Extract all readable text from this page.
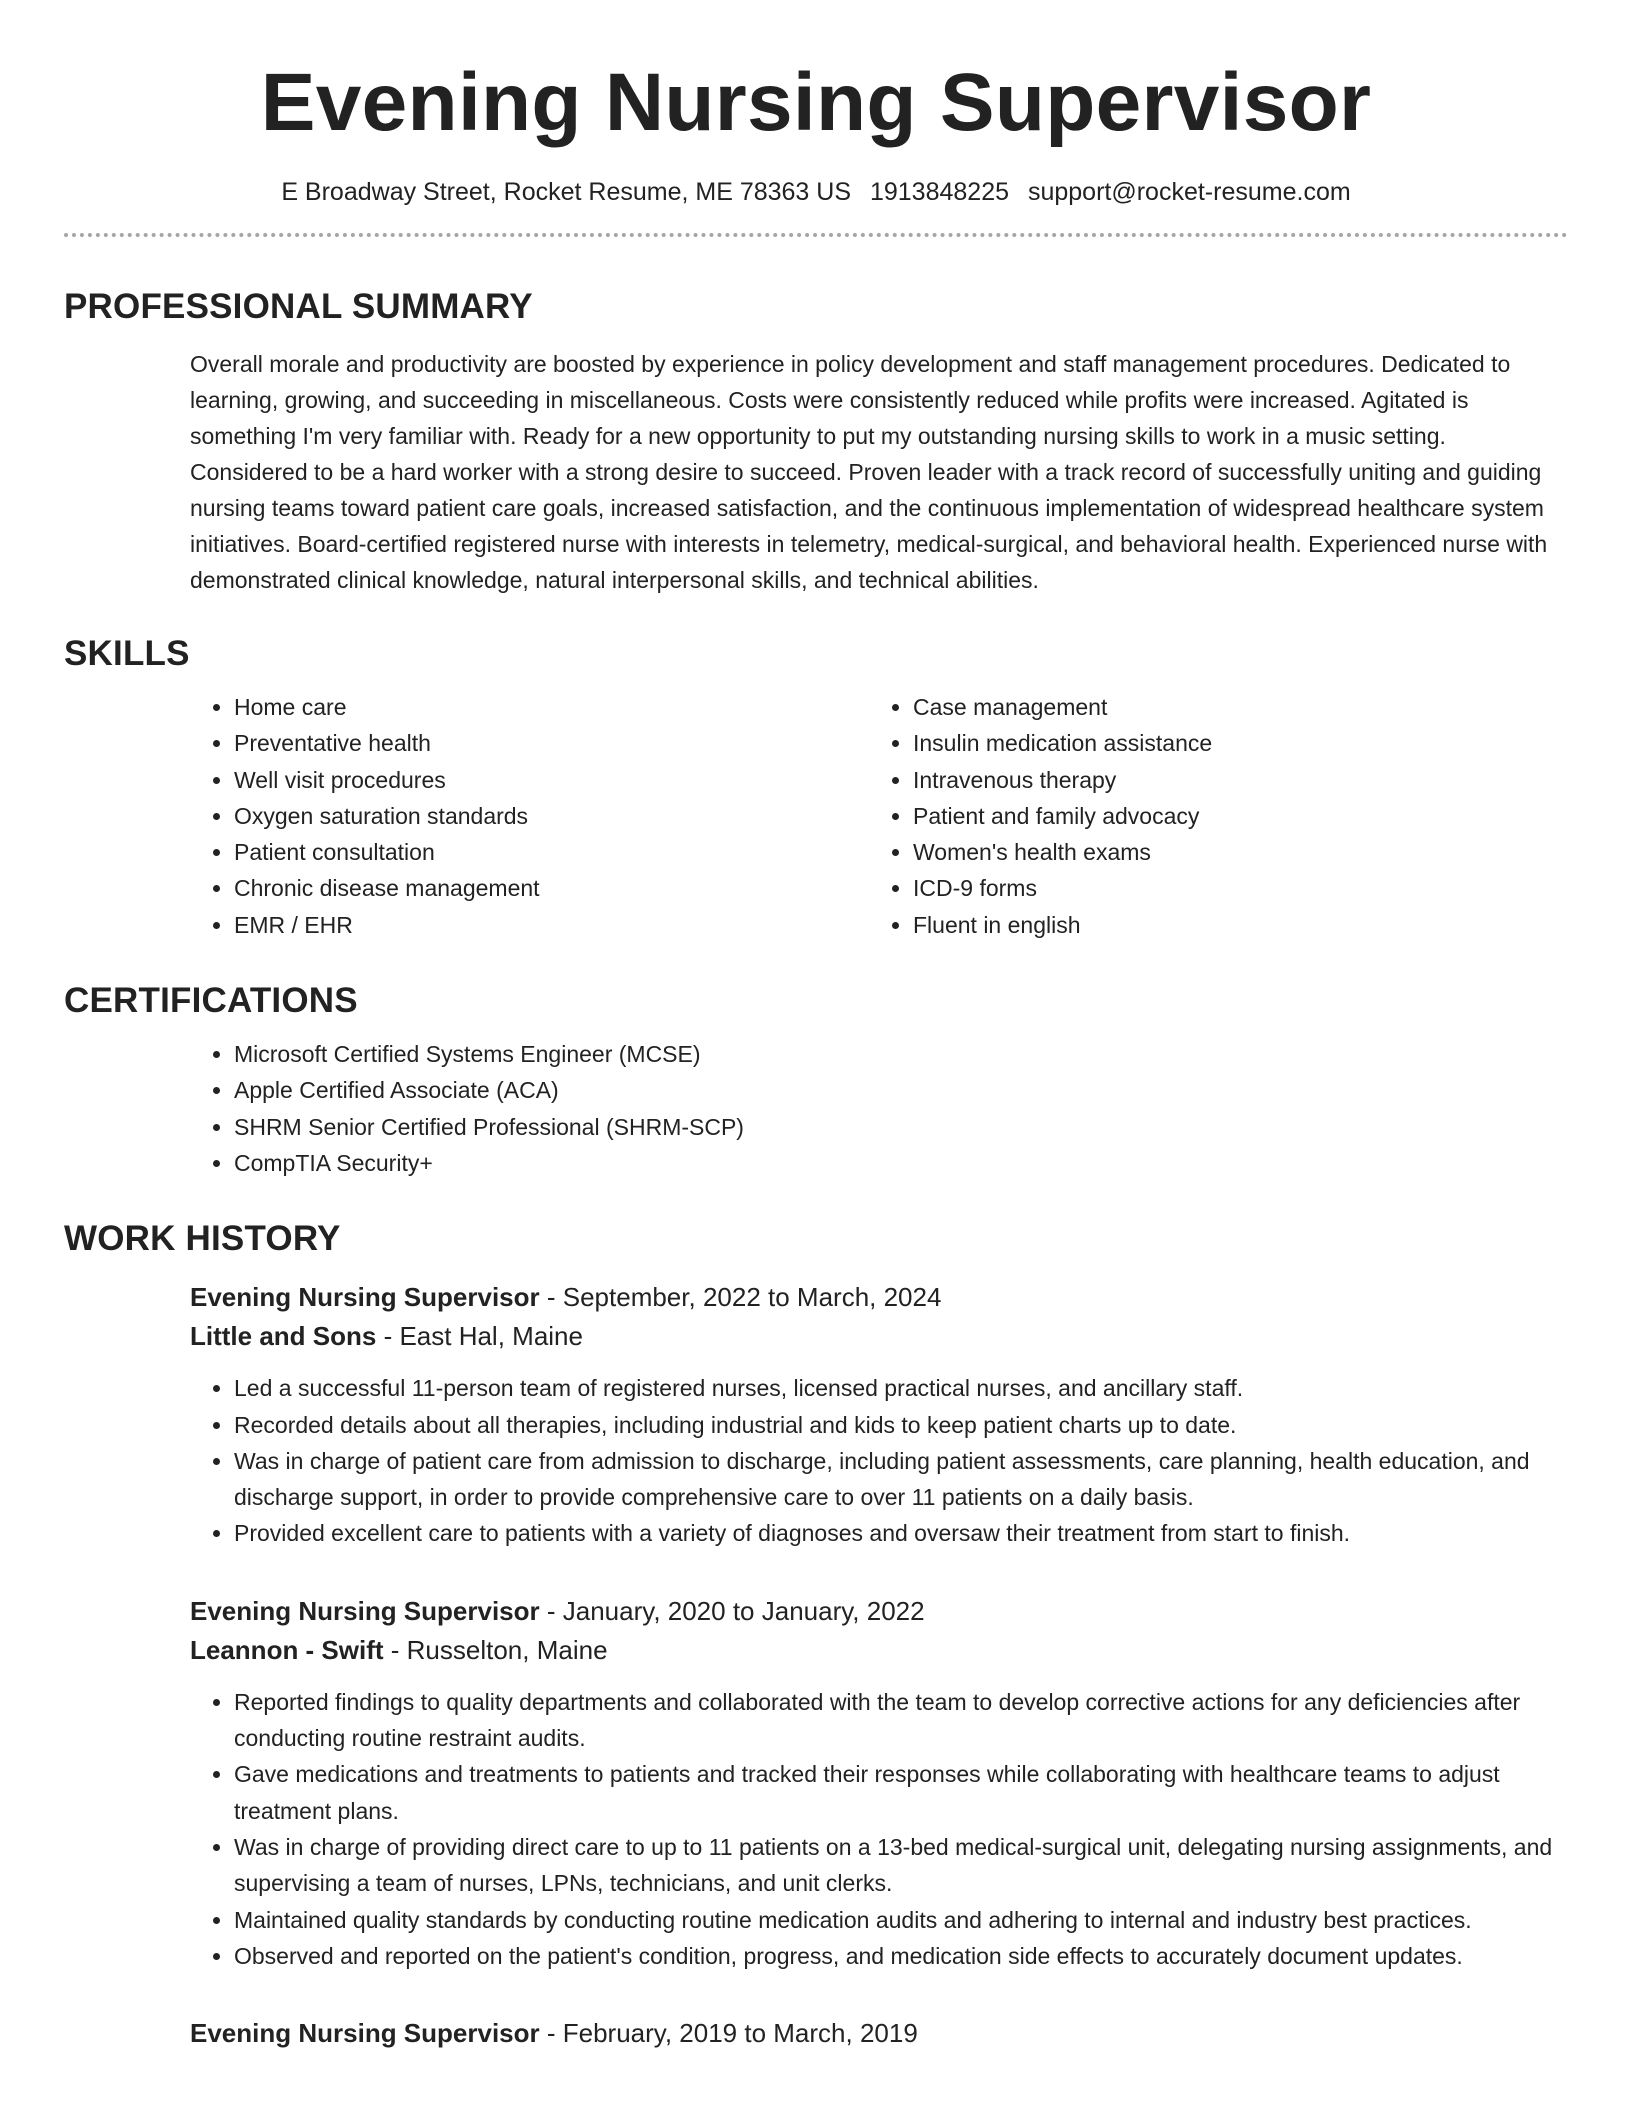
Evening Nursing Supervisor
E Broadway Street, Rocket Resume, ME 78363 US 1913848225 support@rocket-resume.com
PROFESSIONAL SUMMARY

Overall morale and productivity are boosted by experience in policy development and staff management procedures. Dedicated to learning, growing, and succeeding in miscellaneous. Costs were consistently reduced while profits were increased. Agitated is something I'm very familiar with. Ready for a new opportunity to put my outstanding nursing skills to work in a music setting. Considered to be a hard worker with a strong desire to succeed. Proven leader with a track record of successfully uniting and guiding nursing teams toward patient care goals, increased satisfaction, and the continuous implementation of widespread healthcare system initiatives. Board-certified registered nurse with interests in telemetry, medical-surgical, and behavioral health. Experienced nurse with demonstrated clinical knowledge, natural interpersonal skills, and technical abilities.

SKILLS
• Home care
• Preventative health
• Well visit procedures
• Oxygen saturation standards
• Patient consultation
• Chronic disease management
• EMR / EHR
• Case management
• Insulin medication assistance
• Intravenous therapy
• Patient and family advocacy
• Women's health exams
• ICD-9 forms
• Fluent in english
CERTIFICATIONS
• Microsoft Certified Systems Engineer (MCSE)
• Apple Certified Associate (ACA)
• SHRM Senior Certified Professional (SHRM-SCP)
• CompTIA Security+
WORK HISTORY
Evening Nursing Supervisor - September, 2022 to March, 2024
Little and Sons - East Hal, Maine
• Led a successful 11-person team of registered nurses, licensed practical nurses, and ancillary staff.
• Recorded details about all therapies, including industrial and kids to keep patient charts up to date.
• Was in charge of patient care from admission to discharge, including patient assessments, care planning, health education, and discharge support, in order to provide comprehensive care to over 11 patients on a daily basis.
• Provided excellent care to patients with a variety of diagnoses and oversaw their treatment from start to finish.
Evening Nursing Supervisor - January, 2020 to January, 2022
Leannon - Swift - Russelton, Maine
• Reported findings to quality departments and collaborated with the team to develop corrective actions for any deficiencies after conducting routine restraint audits.
• Gave medications and treatments to patients and tracked their responses while collaborating with healthcare teams to adjust treatment plans.
• Was in charge of providing direct care to up to 11 patients on a 13-bed medical-surgical unit, delegating nursing assignments, and supervising a team of nurses, LPNs, technicians, and unit clerks.
• Maintained quality standards by conducting routine medication audits and adhering to internal and industry best practices.
• Observed and reported on the patient's condition, progress, and medication side effects to accurately document updates.
Evening Nursing Supervisor - February, 2019 to March, 2019
